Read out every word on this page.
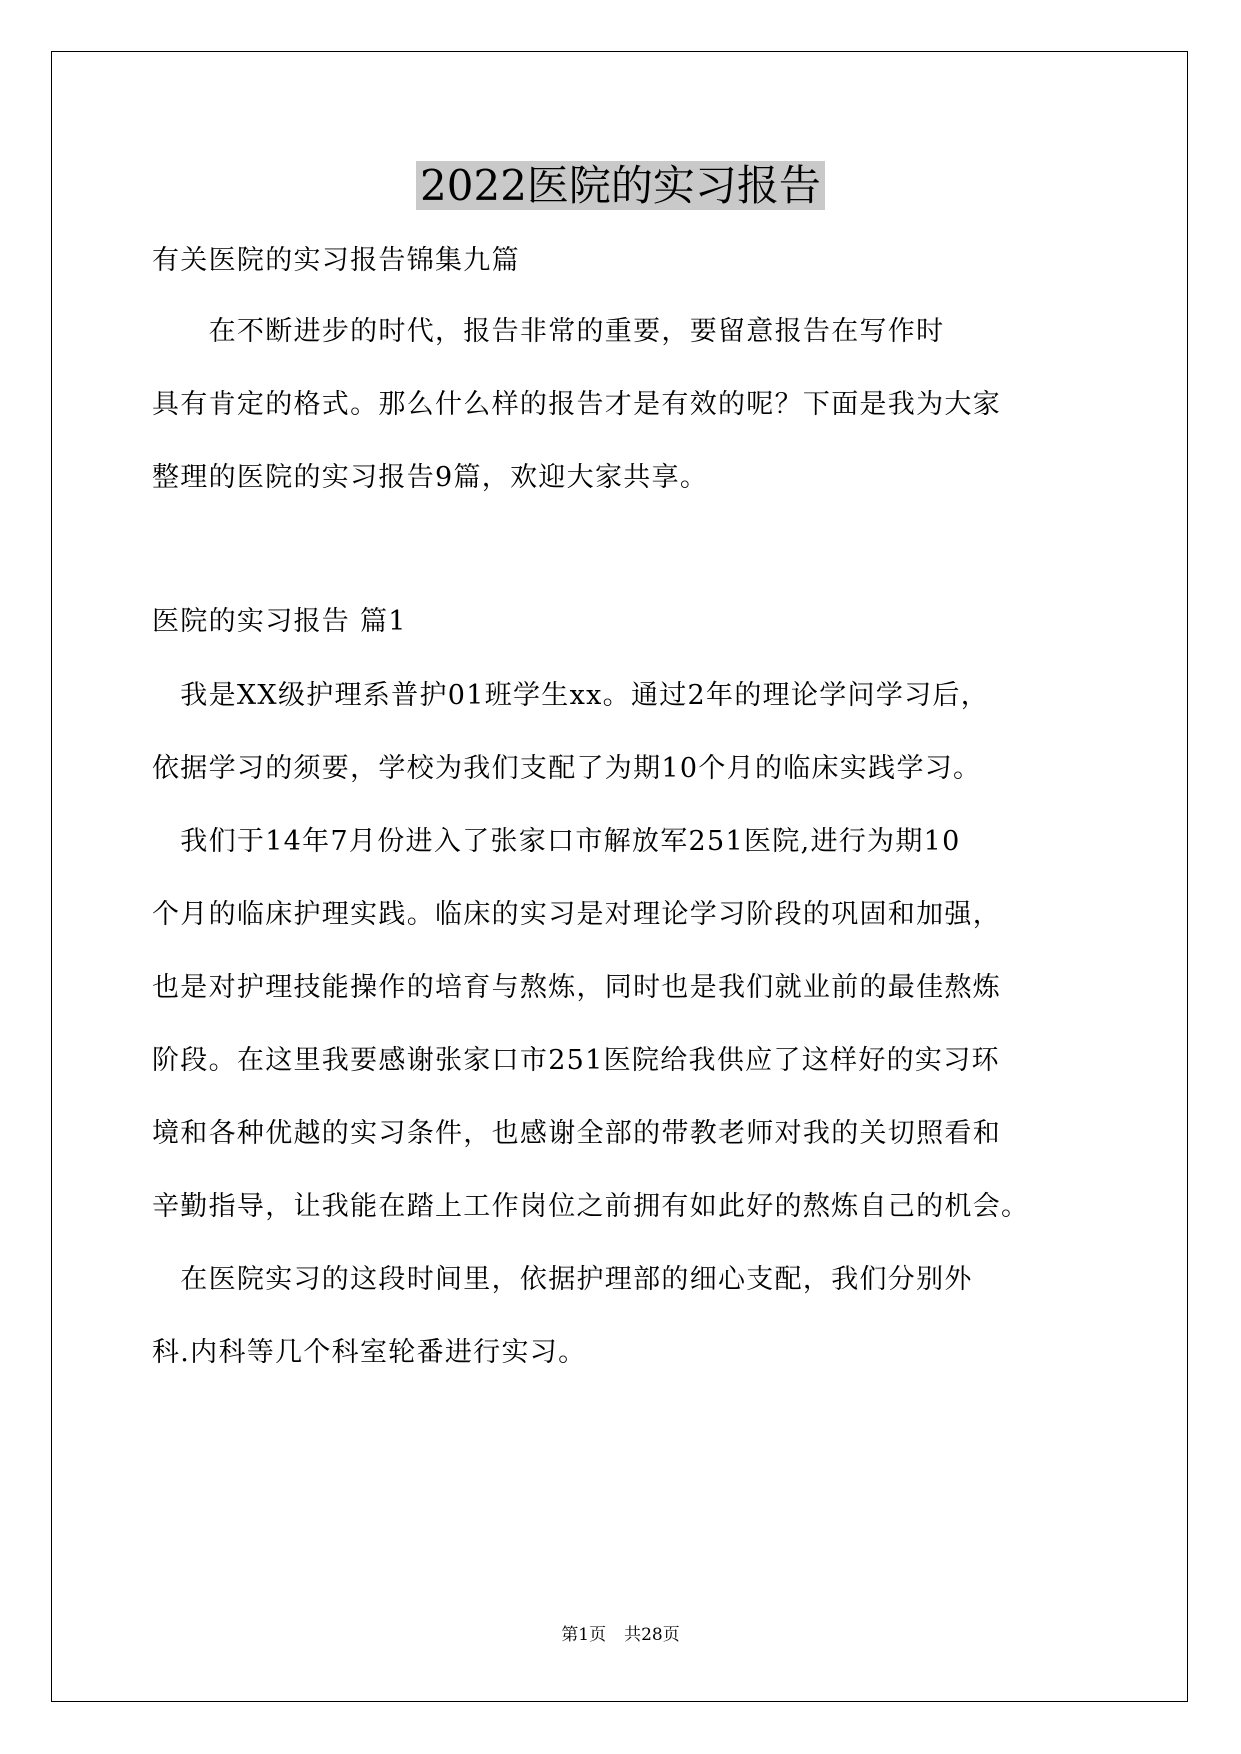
2022医院的实习报告
有关医院的实习报告锦集九篇
　　在不断进步的时代，报告非常的重要，要留意报告在写作时
具有肯定的格式。那么什么样的报告才是有效的呢？下面是我为大家
整理的医院的实习报告9篇，欢迎大家共享。
医院的实习报告 篇1
　我是XX级护理系普护01班学生xx。通过2年的理论学问学习后，
依据学习的须要，学校为我们支配了为期10个月的临床实践学习。
　我们于14年7月份进入了张家口市解放军251医院,进行为期10
个月的临床护理实践。临床的实习是对理论学习阶段的巩固和加强，
也是对护理技能操作的培育与熬炼，同时也是我们就业前的最佳熬炼
阶段。在这里我要感谢张家口市251医院给我供应了这样好的实习环
境和各种优越的实习条件，也感谢全部的带教老师对我的关切照看和
辛勤指导，让我能在踏上工作岗位之前拥有如此好的熬炼自己的机会。
　在医院实习的这段时间里，依据护理部的细心支配，我们分别外
科.内科等几个科室轮番进行实习。
第1页 共28页
